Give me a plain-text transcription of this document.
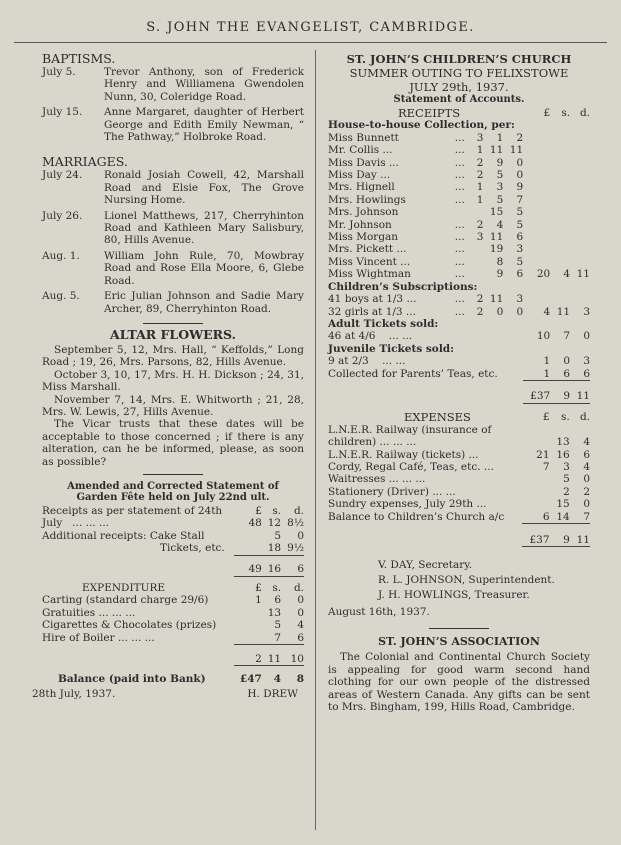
S. JOHN THE EVANGELIST, CAMBRIDGE.
BAPTISMS.
July 5.	Trevor Anthony, son of Frederick Henry and Williamena Gwendolen Nunn, 30, Coleridge Road.
July 15.	Anne Margaret, daughter of Herbert George and Edith Emily Newman, “ The Pathway,” Holbroke Road.
MARRIAGES.
July 24.	Ronald Josiah Cowell, 42, Marshall Road and Elsie Fox, The Grove Nursing Home.
July 26.	Lionel Matthews, 217, Cherryhinton Road and Kathleen Mary Salisbury, 80, Hills Avenue.
Aug. 1.	William John Rule, 70, Mowbray Road and Rose Ella Moore, 6, Glebe Road.
Aug. 5.	Eric Julian Johnson and Sadie Mary Archer, 89, Cherryhinton Road.
ALTAR FLOWERS.
September 5, 12, Mrs. Hall, “ Keffolds,” Long Road ; 19, 26, Mrs. Parsons, 82, Hills Avenue.
October 3, 10, 17, Mrs. H. H. Dickson ; 24, 31, Miss Marshall.
November 7, 14, Mrs. E. Whitworth ; 21, 28, Mrs. W. Lewis, 27, Hills Avenue.
The Vicar trusts that these dates will be acceptable to those concerned ; if there is any alteration, can he be informed, please, as soon as possible?
Amended and Corrected Statement of
Garden Fête held on July 22nd ult.
Receipts as per statement of 24th	£	s.	d.
July ... ... ...	48	12	8½
Additional receipts: Cake Stall		5	0
Tickets, etc.		18	9½

	49	16	6

EXPENDITURE	£	s.	d.
Carting (standard charge 29/6)	1	6	0
Gratuities ... ... ...		13	0
Cigarettes & Chocolates (prizes)		5	4
Hire of Boiler ... ... ...		7	6

	2	11	10

Balance (paid into Bank)	£47	4	8
28th July, 1937.	H. DREW
ST. JOHN’S CHILDREN’S CHURCH
SUMMER OUTING TO FELIXSTOWE
JULY 29th, 1937.
Statement of Accounts.
RECEIPTS				£	s.	d.
House-to-house Collection, per:						
Miss Bunnett ...	3	1	2			
Mr. Collis ... ...	1	11	11			
Miss Davis ... ...	2	9	0			
Miss Day ... ...	2	5	0			
Mrs. Hignell ...	1	3	9			
Mrs. Howlings ...	1	5	7			
Mrs. Johnson		15	5			
Mr. Johnson ...	2	4	5			
Miss Morgan ...	3	11	6			
Mrs. Pickett ... ...		19	3			
Miss Vincent ... ...		8	5			
Miss Wightman ...		9	6	20	4	11
Children’s Subscriptions:						
41 boys at 1/3 ... ...	2	11	3			
32 girls at 1/3 ... ...	2	0	0	4	11	3
Adult Tickets sold:						
46 at 4/6 ... ...				10	7	0
Juvenile Tickets sold:						
9 at 2/3 ... ...				1	0	3
Collected for Parents’ Teas, etc.				1	6	6

				£37	9	11

EXPENSES	£	s.	d.
L.N.E.R. Railway (insurance of			
children) ... ... ...		13	4
L.N.E.R. Railway (tickets) ...	21	16	6
Cordy, Regal Café, Teas, etc. ...	7	3	4
Waitresses ... ... ...		5	0
Stationery (Driver) ... ...		2	2
Sundry expenses, July 29th ...		15	0
Balance to Children’s Church a/c	6	14	7

	£37	9	11

V. DAY, Secretary.
R. L. JOHNSON, Superintendent.
J. H. HOWLINGS, Treasurer.
August 16th, 1937.
ST. JOHN’S ASSOCIATION
The Colonial and Continental Church Society is appealing for good warm second hand clothing for our own people of the distressed areas of Western Canada. Any gifts can be sent to Mrs. Bingham, 199, Hills Road, Cambridge.
